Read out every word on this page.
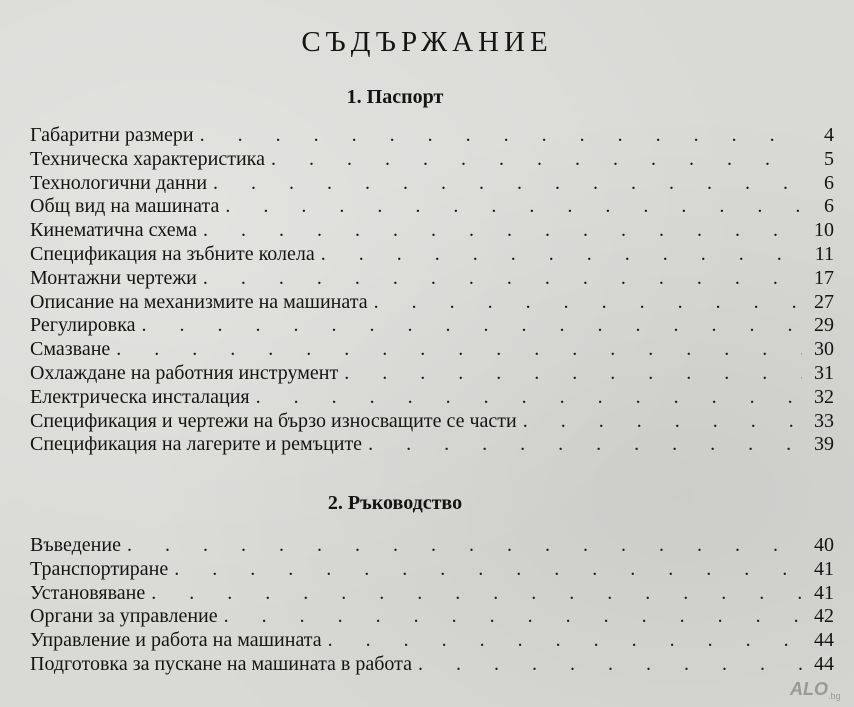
СЪДЪРЖАНИЕ
1. Паспорт
Габаритни размери . . .	4
Техническа характеристика . . .	5
Технологични данни . . .	6
Общ вид на машината . . .	6
Кинематична схема . . .	10
Спецификация на зъбните колела . . .	11
Монтажни чертежи . . .	17
Описание на механизмите на машината . . .	27
Регулировка . . .	29
Смазване . . .	30
Охлаждане на работния инструмент . . .	31
Електрическа инсталация . . .	32
Спецификация и чертежи на бързо износващите се части . . .	33
Спецификация на лагерите и ремъците . . .	39
2. Ръководство
Въведение . . .	40
Транспортиране . . .	41
Установяване . . .	41
Органи за управление . . .	42
Управление и работа на машината . . .	44
Подготовка за пускане на машината в работа . . .	44
ALO .bg
